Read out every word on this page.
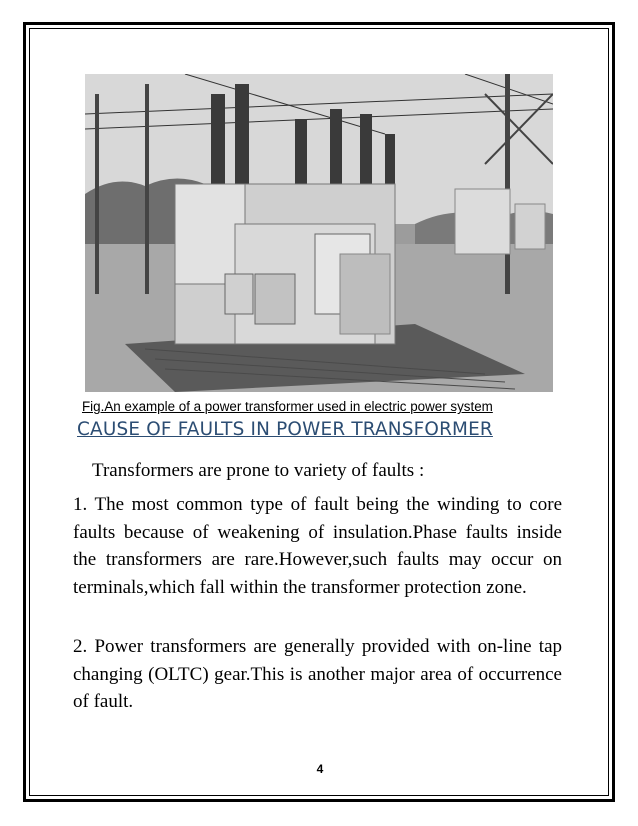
Fig.An example of a power transformer used in electric power system
CAUSE OF FAULTS IN POWER TRANSFORMER
Transformers are prone to variety of faults :
1. The most common type of fault being the winding to core faults because of weakening of insulation.Phase faults inside the transformers are rare.However,such faults may occur on terminals,which fall within the transformer protection zone.
2. Power transformers are generally provided with on-line tap changing (OLTC) gear.This is another major area of occurrence of fault.
4
